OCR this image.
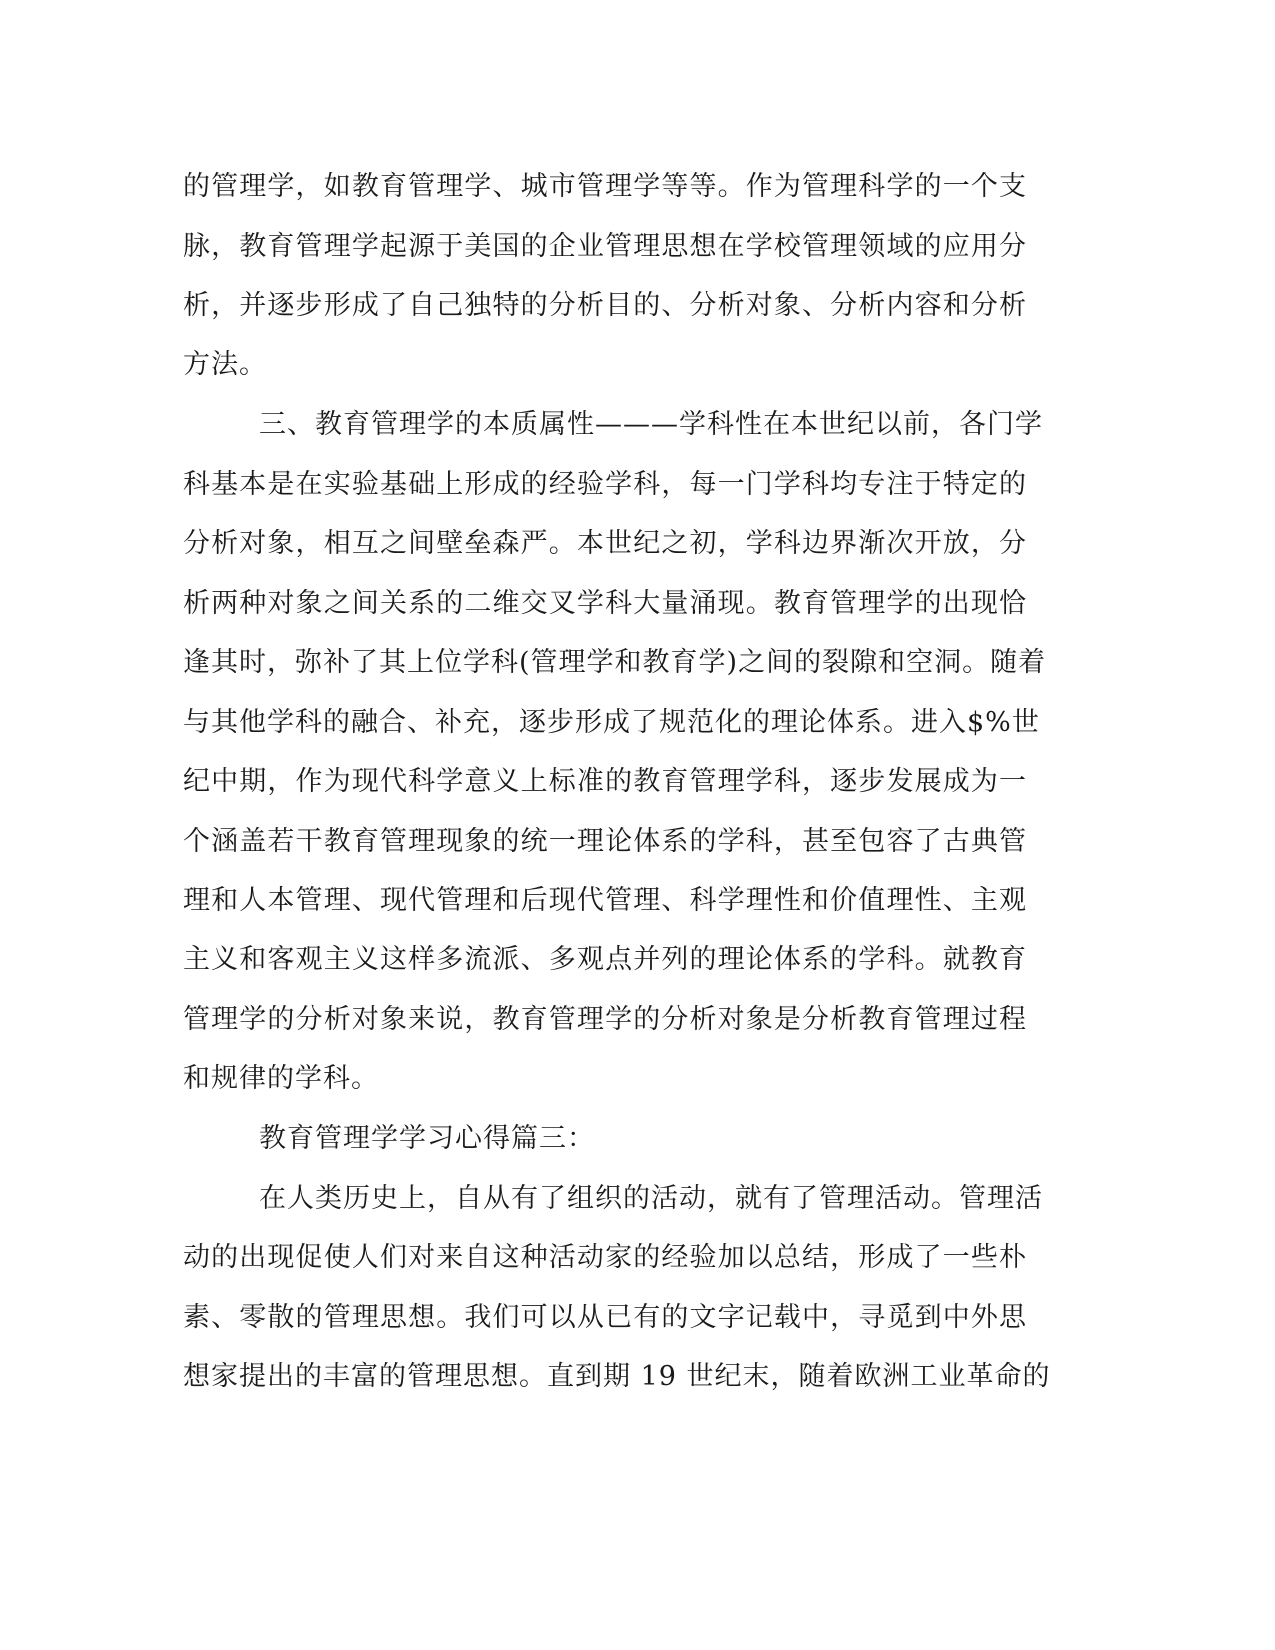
的管理学，如教育管理学、城市管理学等等。作为管理科学的一个支
脉，教育管理学起源于美国的企业管理思想在学校管理领域的应用分
析，并逐步形成了自己独特的分析目的、分析对象、分析内容和分析
方法。
三、教育管理学的本质属性———学科性在本世纪以前，各门学
科基本是在实验基础上形成的经验学科，每一门学科均专注于特定的
分析对象，相互之间壁垒森严。本世纪之初，学科边界渐次开放，分
析两种对象之间关系的二维交叉学科大量涌现。教育管理学的出现恰
逢其时，弥补了其上位学科(管理学和教育学)之间的裂隙和空洞。随着
与其他学科的融合、补充，逐步形成了规范化的理论体系。进入$%世
纪中期，作为现代科学意义上标准的教育管理学科，逐步发展成为一
个涵盖若干教育管理现象的统一理论体系的学科，甚至包容了古典管
理和人本管理、现代管理和后现代管理、科学理性和价值理性、主观
主义和客观主义这样多流派、多观点并列的理论体系的学科。就教育
管理学的分析对象来说，教育管理学的分析对象是分析教育管理过程
和规律的学科。
教育管理学学习心得篇三：
在人类历史上，自从有了组织的活动，就有了管理活动。管理活
动的出现促使人们对来自这种活动家的经验加以总结，形成了一些朴
素、零散的管理思想。我们可以从已有的文字记载中，寻觅到中外思
想家提出的丰富的管理思想。直到期 19 世纪末，随着欧洲工业革命的
